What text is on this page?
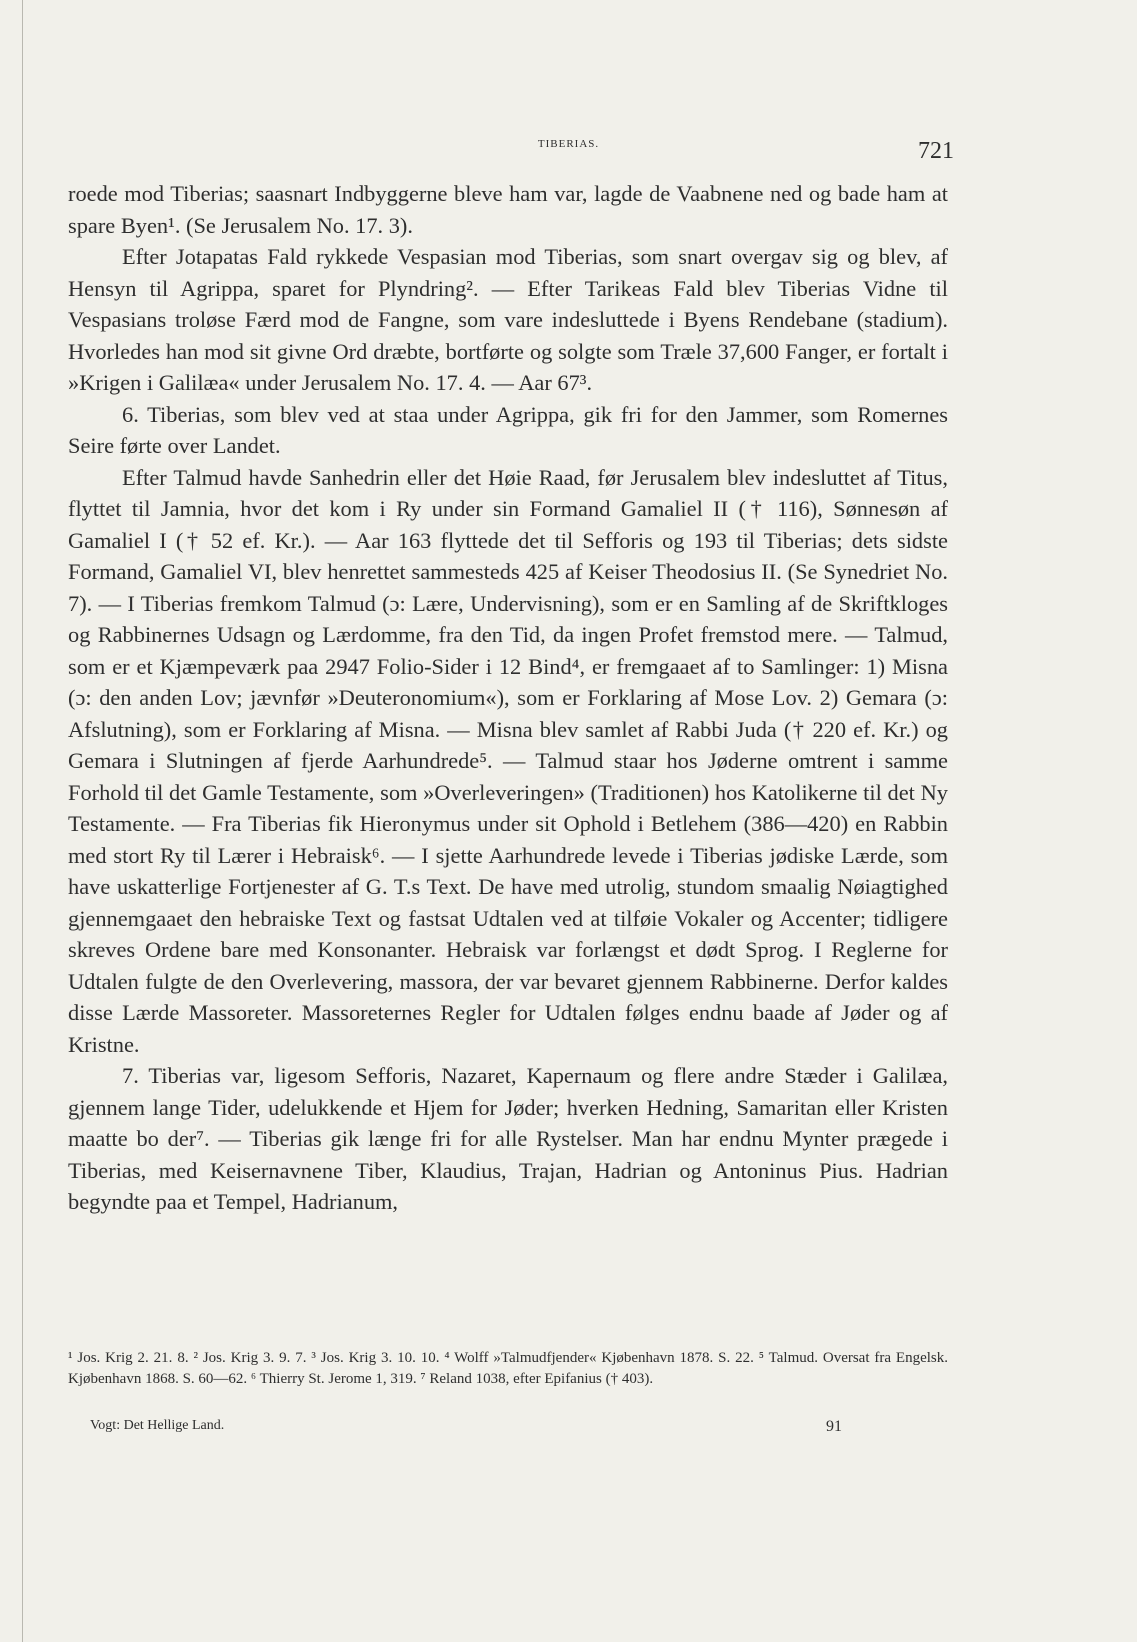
TIBERIAS.	721

roede mod Tiberias; saasnart Indbyggerne bleve ham var, lagde de Vaabnene ned og bade ham at spare Byen¹. (Se Jerusalem No. 17. 3).

Efter Jotapatas Fald rykkede Vespasian mod Tiberias, som snart overgav sig og blev, af Hensyn til Agrippa, sparet for Plyndring². — Efter Tarikeas Fald blev Tiberias Vidne til Vespasians troløse Færd mod de Fangne, som vare indesluttede i Byens Rendebane (stadium). Hvorledes han mod sit givne Ord dræbte, bortførte og solgte som Træle 37,600 Fanger, er fortalt i »Krigen i Galilæa« under Jerusalem No. 17. 4. — Aar 67³.

6. Tiberias, som blev ved at staa under Agrippa, gik fri for den Jammer, som Romernes Seire førte over Landet.

Efter Talmud havde Sanhedrin eller det Høie Raad, før Jerusalem blev indesluttet af Titus, flyttet til Jamnia, hvor det kom i Ry under sin Formand Gamaliel II († 116), Sønnesøn af Gamaliel I († 52 ef. Kr.). — Aar 163 flyttede det til Sefforis og 193 til Tiberias; dets sidste Formand, Gamaliel VI, blev henrettet sammesteds 425 af Keiser Theodosius II. (Se Synedriet No. 7). — I Tiberias fremkom Talmud (ɔ: Lære, Undervisning), som er en Samling af de Skriftkloges og Rabbinernes Udsagn og Lærdomme, fra den Tid, da ingen Profet fremstod mere. — Talmud, som er et Kjæmpeværk paa 2947 Folio-Sider i 12 Bind⁴, er fremgaaet af to Samlinger: 1) Misna (ɔ: den anden Lov; jævnfør »Deuteronomium«), som er Forklaring af Mose Lov. 2) Gemara (ɔ: Afslutning), som er Forklaring af Misna. — Misna blev samlet af Rabbi Juda († 220 ef. Kr.) og Gemara i Slutningen af fjerde Aarhundrede⁵. — Talmud staar hos Jøderne omtrent i samme Forhold til det Gamle Testamente, som »Overleveringen» (Traditionen) hos Katolikerne til det Ny Testamente. — Fra Tiberias fik Hieronymus under sit Ophold i Betlehem (386—420) en Rabbin med stort Ry til Lærer i Hebraisk⁶. — I sjette Aarhundrede levede i Tiberias jødiske Lærde, som have uskatterlige Fortjenester af G. T.s Text. De have med utrolig, stundom smaalig Nøiagtighed gjennemgaaet den hebraiske Text og fastsat Udtalen ved at tilføie Vokaler og Accenter; tidligere skreves Ordene bare med Konsonanter. Hebraisk var forlængst et dødt Sprog. I Reglerne for Udtalen fulgte de den Overlevering, massora, der var bevaret gjennem Rabbinerne. Derfor kaldes disse Lærde Massoreter. Massoreternes Regler for Udtalen følges endnu baade af Jøder og af Kristne.

7. Tiberias var, ligesom Sefforis, Nazaret, Kapernaum og flere andre Stæder i Galilæa, gjennem lange Tider, udelukkende et Hjem for Jøder; hverken Hedning, Samaritan eller Kristen maatte bo der⁷. — Tiberias gik længe fri for alle Rystelser. Man har endnu Mynter prægede i Tiberias, med Keisernavnene Tiber, Klaudius, Trajan, Hadrian og Antoninus Pius. Hadrian begyndte paa et Tempel, Hadrianum,

¹ Jos. Krig 2. 21. 8. ² Jos. Krig 3. 9. 7. ³ Jos. Krig 3. 10. 10. ⁴ Wolff »Talmudfjender« Kjøbenhavn 1878. S. 22. ⁵ Talmud. Oversat fra Engelsk. Kjøbenhavn 1868. S. 60—62. ⁶ Thierry St. Jerome 1, 319. ⁷ Reland 1038, efter Epifanius († 403).
Vogt: Det Hellige Land.	91
